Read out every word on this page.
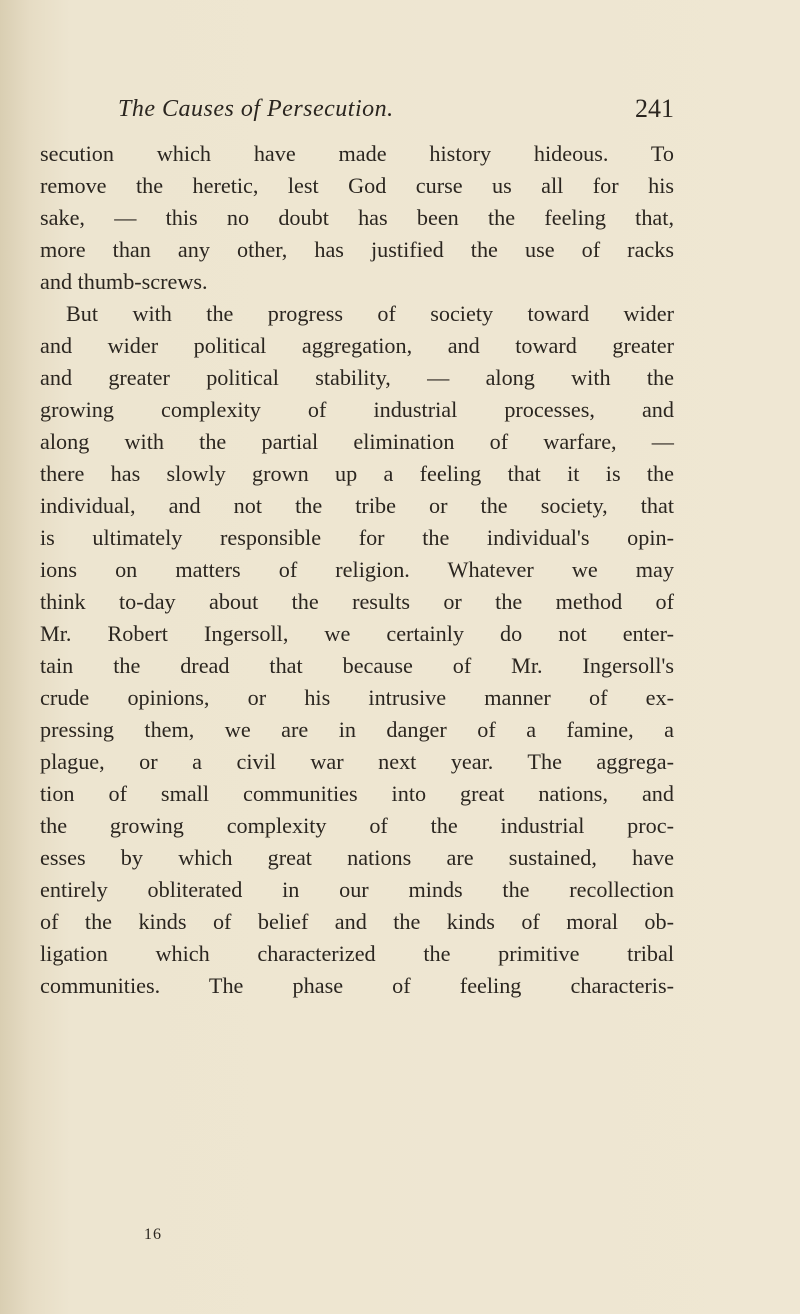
The Causes of Persecution.	241
secution which have made history hideous. To
remove the heretic, lest God curse us all for his
sake, — this no doubt has been the feeling that,
more than any other, has justified the use of racks
and thumb-screws.
But with the progress of society toward wider
and wider political aggregation, and toward greater
and greater political stability, — along with the
growing complexity of industrial processes, and
along with the partial elimination of warfare, —
there has slowly grown up a feeling that it is the
individual, and not the tribe or the society, that
is ultimately responsible for the individual's opin-
ions on matters of religion. Whatever we may
think to-day about the results or the method of
Mr. Robert Ingersoll, we certainly do not enter-
tain the dread that because of Mr. Ingersoll's
crude opinions, or his intrusive manner of ex-
pressing them, we are in danger of a famine, a
plague, or a civil war next year. The aggrega-
tion of small communities into great nations, and
the growing complexity of the industrial proc-
esses by which great nations are sustained, have
entirely obliterated in our minds the recollection
of the kinds of belief and the kinds of moral ob-
ligation which characterized the primitive tribal
communities. The phase of feeling characteris-
16
